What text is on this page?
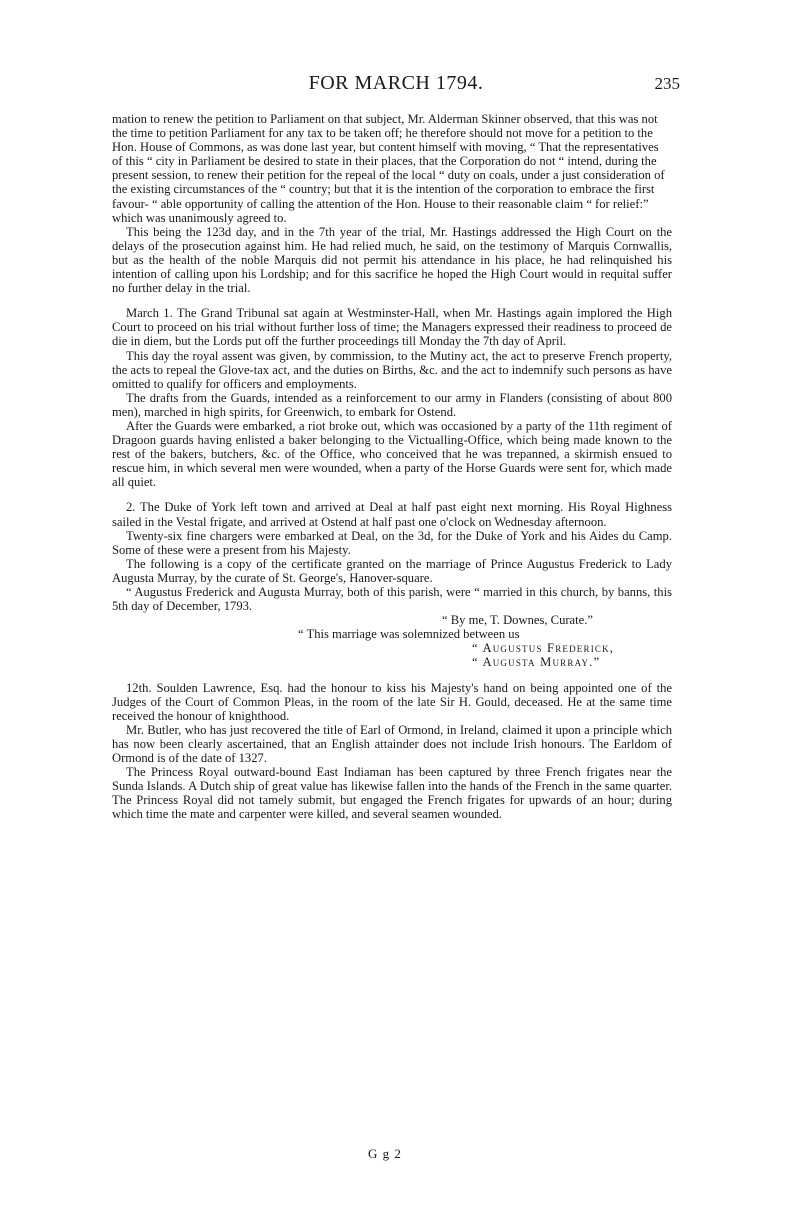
FOR MARCH 1794.	235

mation to renew the petition to Parliament on that subject, Mr. Alderman Skinner observed, that this was not the time to petition Parliament for any tax to be taken off; he therefore should not move for a petition to the Hon. House of Commons, as was done last year, but content himself with moving, “ That the representatives of this “ city in Parliament be desired to state in their places, that the Corporation do not “ intend, during the present session, to renew their petition for the repeal of the local “ duty on coals, under a just consideration of the existing circumstances of the “ country; but that it is the intention of the corporation to embrace the first favour- “ able opportunity of calling the attention of the Hon. House to their reasonable claim “ for relief:” which was unanimously agreed to.

This being the 123d day, and in the 7th year of the trial, Mr. Hastings addressed the High Court on the delays of the prosecution against him. He had relied much, he said, on the testimony of Marquis Cornwallis, but as the health of the noble Marquis did not permit his attendance in his place, he had relinquished his intention of calling upon his Lordship; and for this sacrifice he hoped the High Court would in requital suffer no further delay in the trial.

March 1. The Grand Tribunal sat again at Westminster-Hall, when Mr. Hastings again implored the High Court to proceed on his trial without further loss of time; the Managers expressed their readiness to proceed de die in diem, but the Lords put off the further proceedings till Monday the 7th day of April.

This day the royal assent was given, by commission, to the Mutiny act, the act to preserve French property, the acts to repeal the Glove-tax act, and the duties on Births, &c. and the act to indemnify such persons as have omitted to qualify for officers and employments.

The drafts from the Guards, intended as a reinforcement to our army in Flanders (consisting of about 800 men), marched in high spirits, for Greenwich, to embark for Ostend.

After the Guards were embarked, a riot broke out, which was occasioned by a party of the 11th regiment of Dragoon guards having enlisted a baker belonging to the Victualling-Office, which being made known to the rest of the bakers, butchers, &c. of the Office, who conceived that he was trepanned, a skirmish ensued to rescue him, in which several men were wounded, when a party of the Horse Guards were sent for, which made all quiet.

2. The Duke of York left town and arrived at Deal at half past eight next morning. His Royal Highness sailed in the Vestal frigate, and arrived at Ostend at half past one o'clock on Wednesday afternoon.

Twenty-six fine chargers were embarked at Deal, on the 3d, for the Duke of York and his Aides du Camp. Some of these were a present from his Majesty.

The following is a copy of the certificate granted on the marriage of Prince Augustus Frederick to Lady Augusta Murray, by the curate of St. George's, Hanover-square.

“ Augustus Frederick and Augusta Murray, both of this parish, were “ married in this church, by banns, this 5th day of December, 1793.

“ By me, T. Downes, Curate.”
“ This marriage was solemnized between us
“ Augustus Frederick,
“ Augusta Murray.”

12th. Soulden Lawrence, Esq. had the honour to kiss his Majesty's hand on being appointed one of the Judges of the Court of Common Pleas, in the room of the late Sir H. Gould, deceased. He at the same time received the honour of knighthood.

Mr. Butler, who has just recovered the title of Earl of Ormond, in Ireland, claimed it upon a principle which has now been clearly ascertained, that an English attainder does not include Irish honours. The Earldom of Ormond is of the date of 1327.

The Princess Royal outward-bound East Indiaman has been captured by three French frigates near the Sunda Islands. A Dutch ship of great value has likewise fallen into the hands of the French in the same quarter. The Princess Royal did not tamely submit, but engaged the French frigates for upwards of an hour; during which time the mate and carpenter were killed, and several seamen wounded.

G g 2
